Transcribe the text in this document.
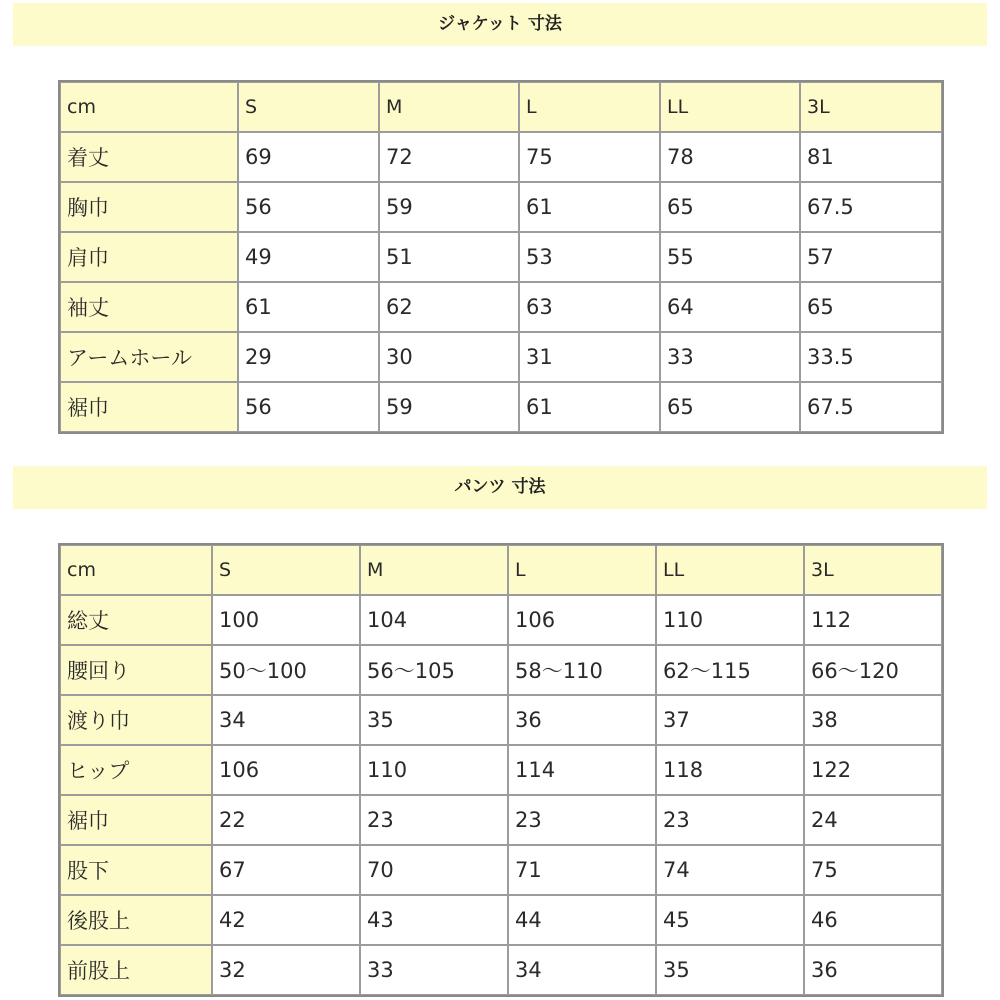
ジャケット 寸法
cm	S	M	L	LL	3L
着丈	69	72	75	78	81
胸巾	56	59	61	65	67.5
肩巾	49	51	53	55	57
袖丈	61	62	63	64	65
アームホール	29	30	31	33	33.5
裾巾	56	59	61	65	67.5
パンツ 寸法
cm	S	M	L	LL	3L
総丈	100	104	106	110	112
腰回り	50〜100	56〜105	58〜110	62〜115	66〜120
渡り巾	34	35	36	37	38
ヒップ	106	110	114	118	122
裾巾	22	23	23	23	24
股下	67	70	71	74	75
後股上	42	43	44	45	46
前股上	32	33	34	35	36
